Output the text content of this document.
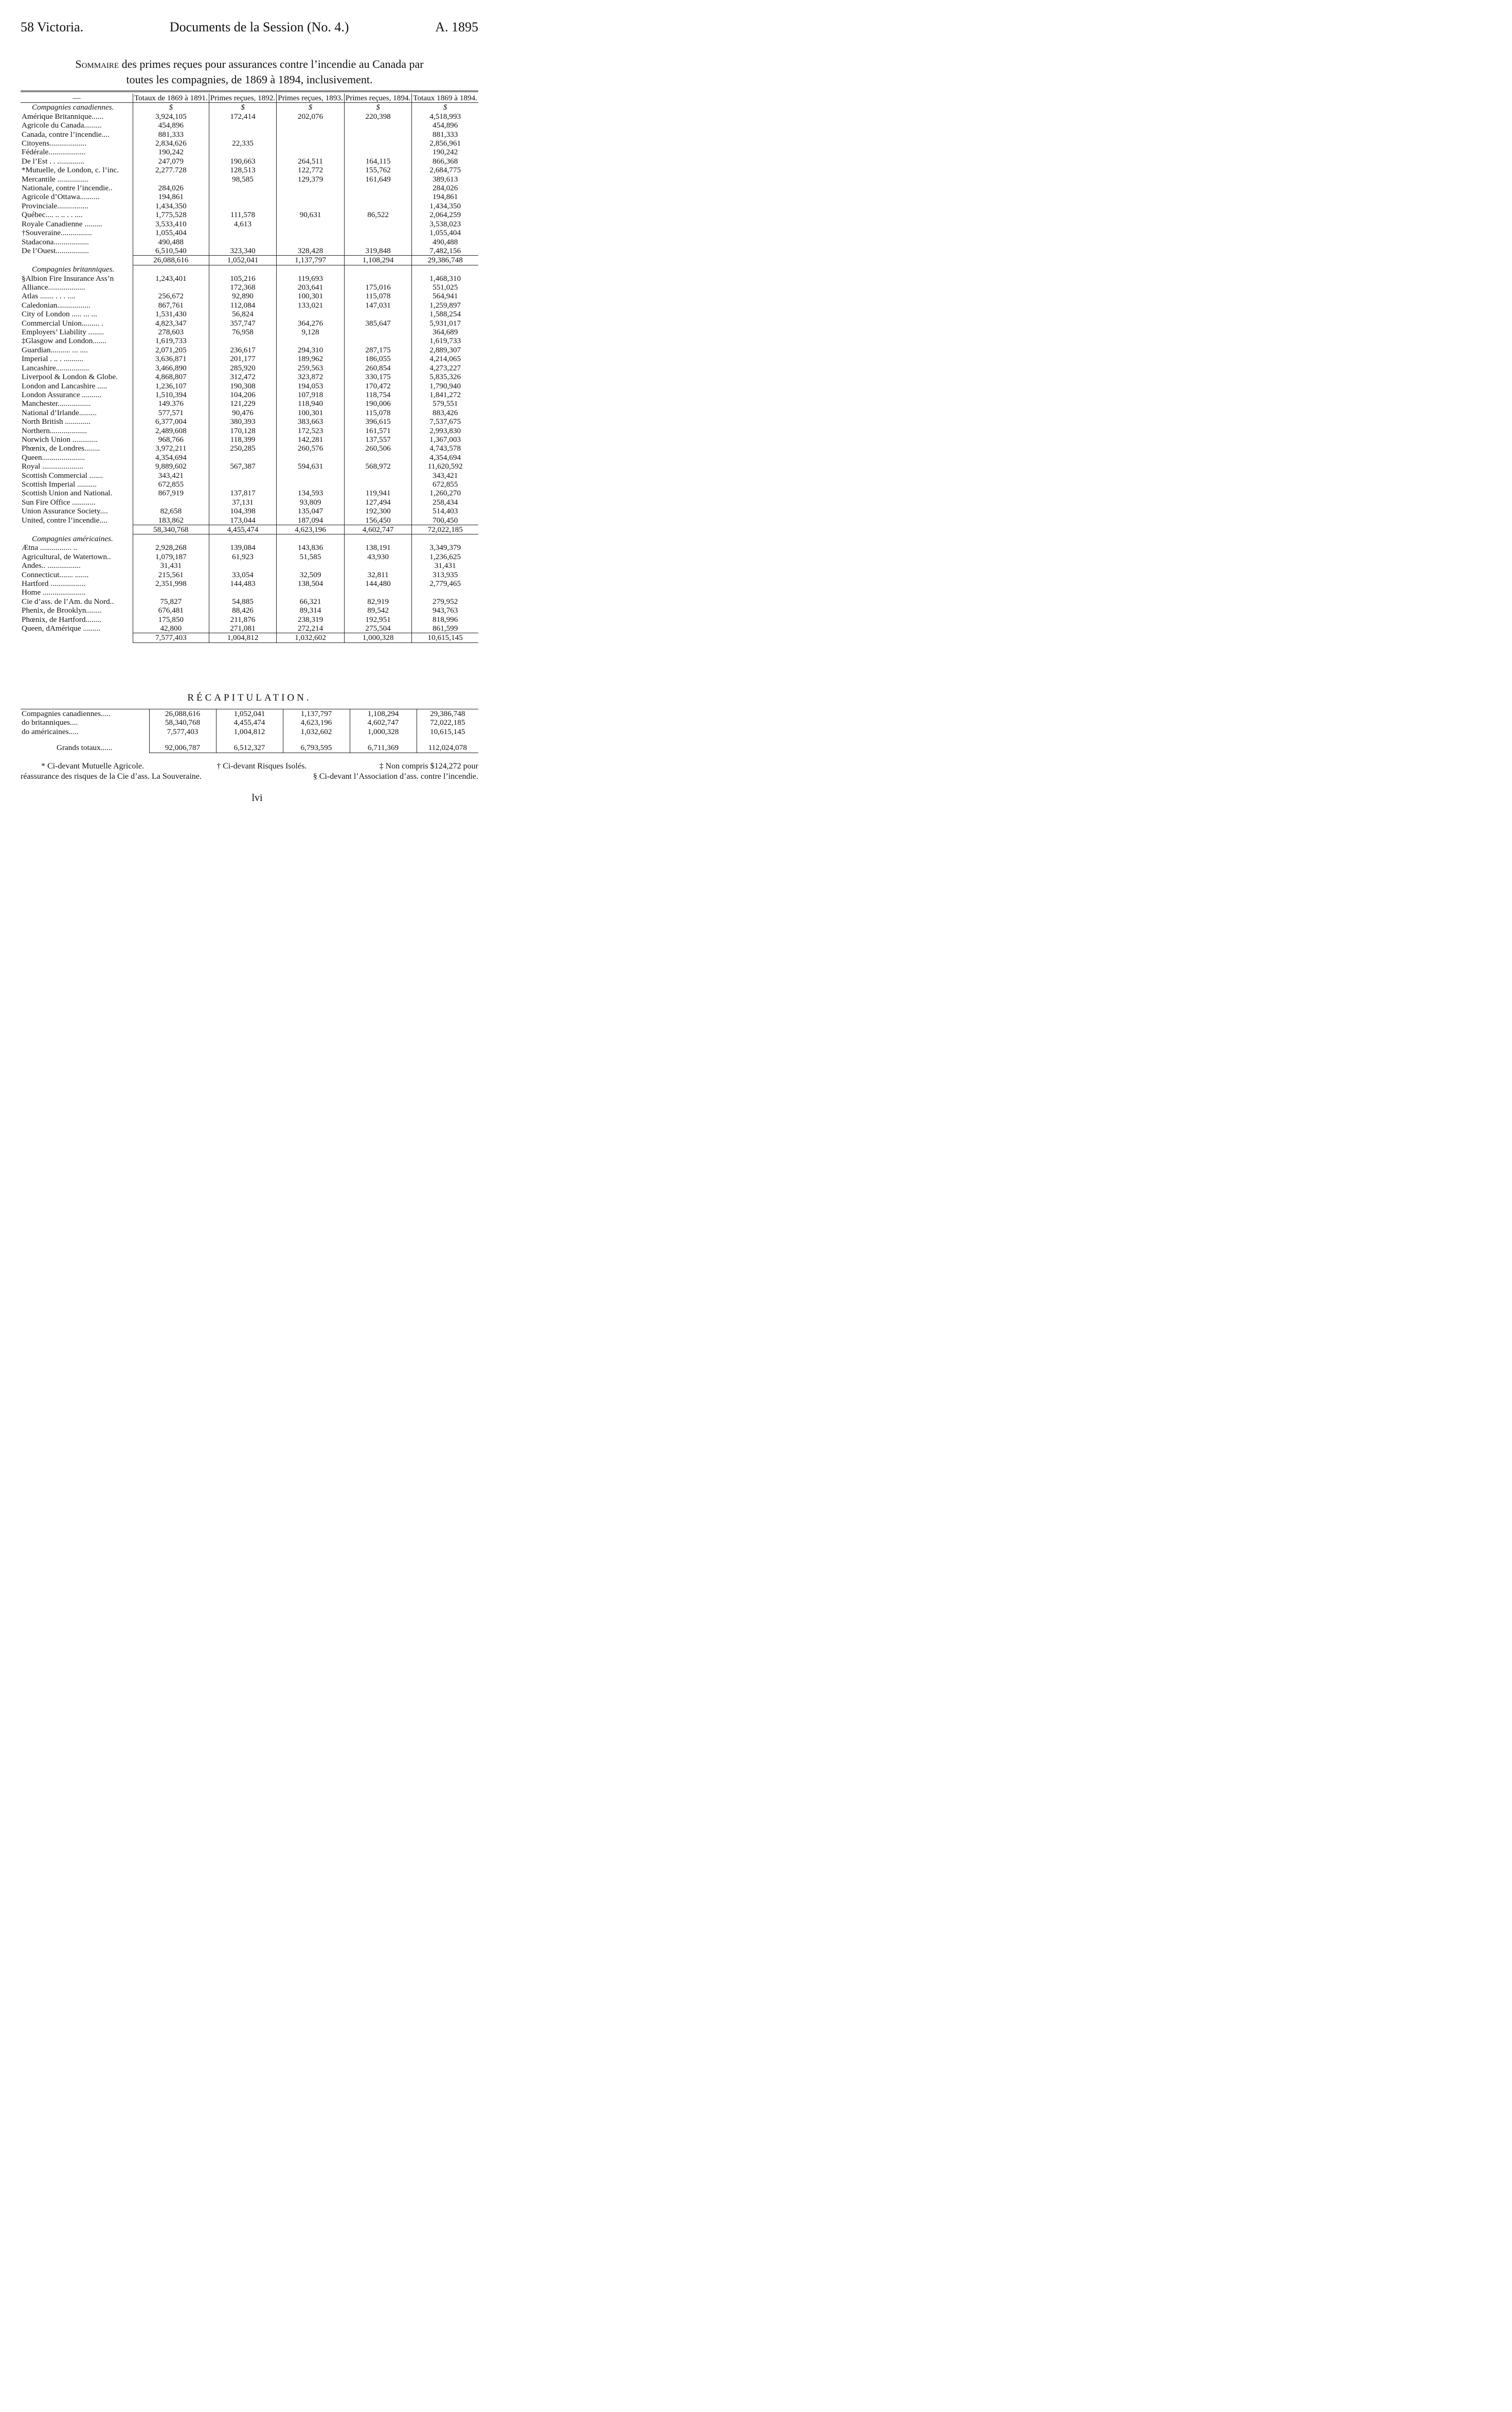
58 Victoria.	Documents de la Session (No. 4.)	A. 1895
Sommaire des primes reçues pour assurances contre l’incendie au Canada par
toutes les compagnies, de 1869 à 1894, inclusivement.
—	Totaux de 1869 à 1891.	Primes reçues, 1892.	Primes reçues, 1893.	Primes reçues, 1894.	Totaux 1869 à 1894.
Compagnies canadiennes.	$	$	$	$	$
Amérique Britannique......	3,924,105	172,414	202,076	220,398	4,518,993
Agricole du Canada.........	454,896				454,896
Canada, contre l’incendie....	881,333				881,333
Citoyens...................	2,834,626	22,335			2,856,961
Fédérale...................	190,242				190,242
De l’Est . . ..............	247,079	190,663	264,511	164,115	866,368
*Mutuelle, de London, c. l’inc.	2,277.728	128,513	122,772	155,762	2,684,775
Mercantile ................		98,585	129,379	161,649	389,613
Nationale, contre l’incendie..	284,026				284,026
Agricole d’Ottawa..........	194,861				194,861
Provinciale................	1,434,350				1,434,350
Québec.... .. .. . . ....	1,775,528	111,578	90,631	86,522	2,064,259
Royale Canadienne .........	3,533,410	4,613			3,538,023
†Souveraine................	1,055,404				1,055,404
Stadacona..................	490,488				490,488
De l’Ouest.................	6,510,540	323,340	328,428	319,848	7,482,156
	26,088,616	1,052,041	1,137,797	1,108,294	29,386,748
Compagnies britanniques.					
§Albion Fire Insurance Ass’n	1,243,401	105,216	119,693		1,468,310
Alliance...................		172,368	203,641	175,016	551,025
Atlas ....... . . . ....	256,672	92,890	100,301	115,078	564,941
Caledonian.................	867,761	112,084	133,021	147,031	1,259,897
City of London ..... ... ...	1,531,430	56,824			1,588,254
Commercial Union......... .	4,823,347	357,747	364,276	385,647	5,931,017
Employers’ Liability ........	278,603	76,958	9,128		364,689
‡Glasgow and London.......	1,619,733				1,619,733
Guardian.......... ... ....	2,071,205	236,617	294,310	287,175	2,889,307
Imperial . .. . ..........	3,636,871	201,177	189,962	186,055	4,214,065
Lancashire.................	3,466,890	285,920	259,563	260,854	4,273,227
Liverpool & London & Globe.	4,868,807	312,472	323,872	330,175	5,835,326
London and Lancashire .....	1,236,107	190,308	194,053	170,472	1,790,940
London Assurance ..........	1,510,394	104,206	107,918	118,754	1,841,272
Manchester.................	149.376	121,229	118,940	190,006	579,551
National d’Irlande.........	577,571	90,476	100,301	115,078	883,426
North British .............	6,377,004	380,393	383,663	396,615	7,537,675
Northern...................	2,489,608	170,128	172,523	161,571	2,993,830
Norwich Union .............	968,766	118,399	142,281	137,557	1,367,003
Phœnix, de Londres........	3,972,211	250,285	260,576	260,506	4,743,578
Queen......................	4,354,694				4,354,694
Royal .....................	9,889,602	567,387	594,631	568,972	11,620,592
Scottish Commercial .......	343,421				343,421
Scottish Imperial ..........	672,855				672,855
Scottish Union and National.	867,919	137,817	134,593	119,941	1,260,270
Sun Fire Office ............		37,131	93,809	127,494	258,434
Union Assurance Society....	82,658	104,398	135,047	192,300	514,403
United, contre l’incendie....	183,862	173,044	187,094	156,450	700,450
	58,340,768	4,455,474	4,623,196	4,602,747	72,022,185
Compagnies américaines.					
Ætna ................ ..	2,928,268	139,084	143,836	138,191	3,349,379
Agricultural, de Watertown..	1,079,187	61,923	51,585	43,930	1,236,625
Andes.. .................	31,431				31,431
Connecticut....... .......	215,561	33,054	32,509	32,811	313,935
Hartford ..................	2,351,998	144,483	138,504	144,480	2,779,465
Home ......................					
Cie d’ass. de l’Am. du Nord..	75,827	54,885	66,321	82,919	279,952
Phenix, de Brooklyn........	676,481	88,426	89,314	89,542	943,763
Phœnix, de Hartford........	175,850	211,876	238,319	192,951	818,996
Queen, dAmérique .........	42,800	271,081	272,214	275,504	861,599
	7,577,403	1,004,812	1,032,602	1,000,328	10,615,145
RÉCAPITULATION.
Compagnies canadiennes.....	26,088,616	1,052,041	1,137,797	1,108,294	29,386,748
do britanniques....	58,340,768	4,455,474	4,623,196	4,602,747	72,022,185
do américaines.....	7,577,403	1,004,812	1,032,602	1,000,328	10,615,145
Grands totaux......	92,006,787	6,512,327	6,793,595	6,711,369	112,024,078
* Ci-devant Mutuelle Agricole.	† Ci-devant Risques Isolés.	‡ Non compris $124,272 pour
réassurance des risques de la Cie d’ass. La Souveraine.	§ Ci-devant l’Association d’ass. contre l’incendie.
lvi
